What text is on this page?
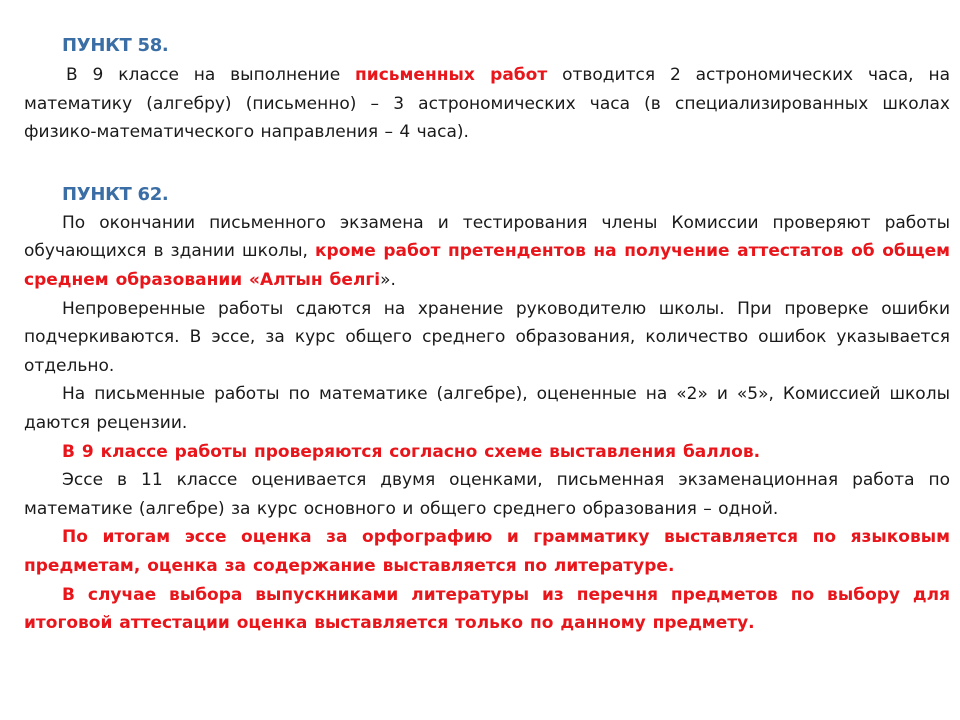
ПУНКТ 58.

В 9 классе на выполнение письменных работ отводится 2 астрономических часа, на математику (алгебру) (письменно) – 3 астрономических часа (в специализированных школах физико-математического направления – 4 часа).

ПУНКТ 62.

По окончании письменного экзамена и тестирования члены Комиссии проверяют работы обучающихся в здании школы, кроме работ претендентов на получение аттестатов об общем среднем образовании «Алтын белгі».

Непроверенные работы сдаются на хранение руководителю школы. При проверке ошибки подчеркиваются. В эссе, за курс общего среднего образования, количество ошибок указывается отдельно.

На письменные работы по математике (алгебре), оцененные на «2» и «5», Комиссией школы даются рецензии.

В 9 классе работы проверяются согласно схеме выставления баллов.

Эссе в 11 классе оценивается двумя оценками, письменная экзаменационная работа по математике (алгебре) за курс основного и общего среднего образования – одной.

По итогам эссе оценка за орфографию и грамматику выставляется по языковым предметам, оценка за содержание выставляется по литературе.

В случае выбора выпускниками литературы из перечня предметов по выбору для итоговой аттестации оценка выставляется только по данному предмету.
